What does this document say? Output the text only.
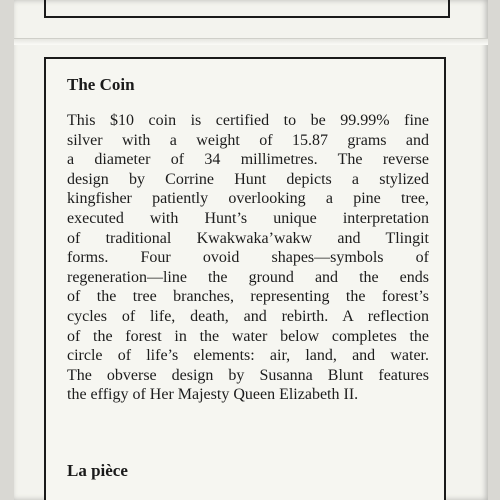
The Coin
This $10 coin is certified to be 99.99% fine
silver with a weight of 15.87 grams and
a diameter of 34 millimetres. The reverse
design by Corrine Hunt depicts a stylized
kingfisher patiently overlooking a pine tree,
executed with Hunt’s unique interpretation
of traditional Kwakwaka’wakw and Tlingit
forms. Four ovoid shapes—symbols of
regeneration—line the ground and the ends
of the tree branches, representing the forest’s
cycles of life, death, and rebirth. A reflection
of the forest in the water below completes the
circle of life’s elements: air, land, and water.
The obverse design by Susanna Blunt features
the effigy of Her Majesty Queen Elizabeth II.
La pièce
